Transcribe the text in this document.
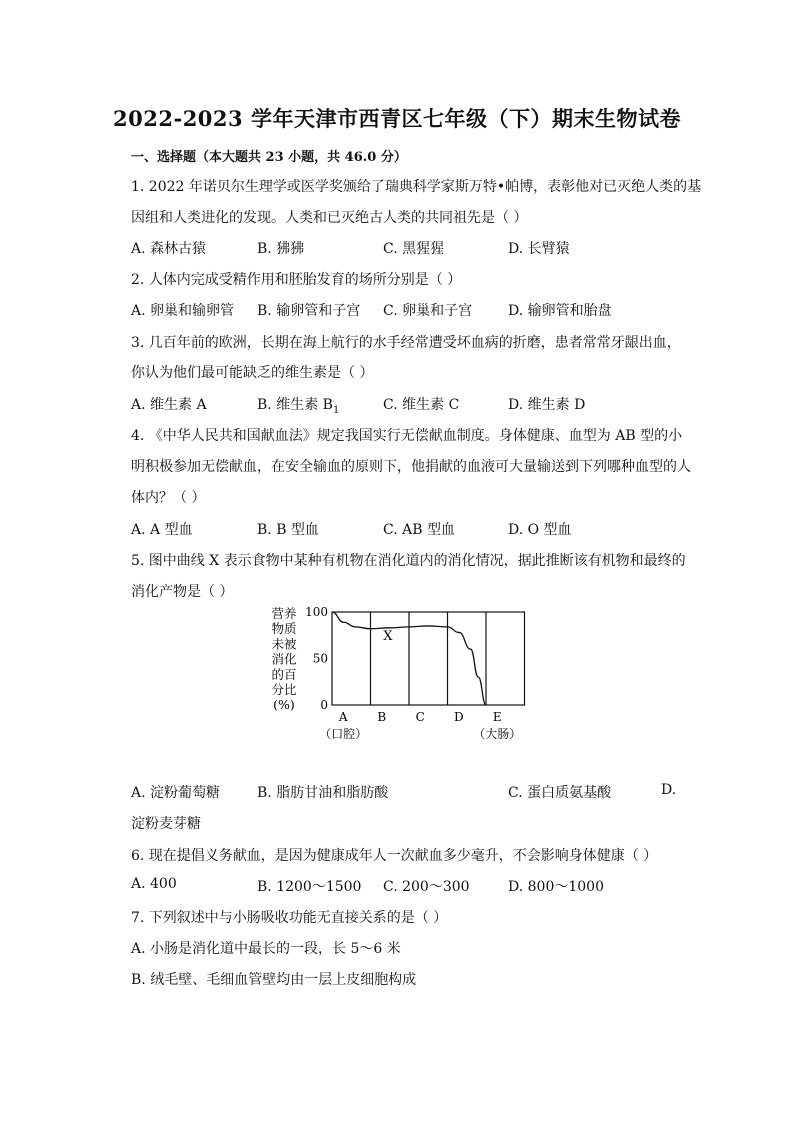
2022-2023 学年天津市西青区七年级（下）期末生物试卷
一、选择题（本大题共 23 小题，共 46.0 分）
1. 2022 年诺贝尔生理学或医学奖颁给了瑞典科学家斯万特•帕博，表彰他对已灭绝人类的基
因组和人类进化的发现。人类和已灭绝古人类的共同祖先是（ ）
A. 森林古猿	B. 狒狒	C. 黑猩猩	D. 长臂猿
2. 人体内完成受精作用和胚胎发育的场所分别是（ ）
A. 卵巢和输卵管 B. 输卵管和子宫 C. 卵巢和子宫	D. 输卵管和胎盘
3. 几百年前的欧洲，长期在海上航行的水手经常遭受坏血病的折磨，患者常常牙龈出血，
你认为他们最可能缺乏的维生素是（ ）
A. 维生素 A	B. 维生素 $B_1$	C. 维生素 C	D. 维生素 D
4. 《中华人民共和国献血法》规定我国实行无偿献血制度。身体健康、血型为 AB 型的小
明积极参加无偿献血，在安全输血的原则下，他捐献的血液可大量输送到下列哪种血型的人
体内？（ ）
A. A 型血	B. B 型血	C. AB 型血	D. O 型血
5. 图中曲线 X 表示食物中某种有机物在消化道内的消化情况，据此推断该有机物和最终的
消化产物是（ ）
营养
物质
未被
消化
的百
分比
(%)
100
50
0
X
A
（口腔）
B C D E
（大肠）
A. 淀粉葡萄糖	B. 脂肪甘油和脂肪酸	C. 蛋白质氨基酸	D.
淀粉麦芽糖
6. 现在提倡义务献血，是因为健康成年人一次献血多少毫升，不会影响身体健康（ ）
A. 400	B. 1200～1500 C. 200～300	D. 800～1000
7. 下列叙述中与小肠吸收功能无直接关系的是（ ）
A. 小肠是消化道中最长的一段，长 5～6 米
B. 绒毛壁、毛细血管壁均由一层上皮细胞构成
